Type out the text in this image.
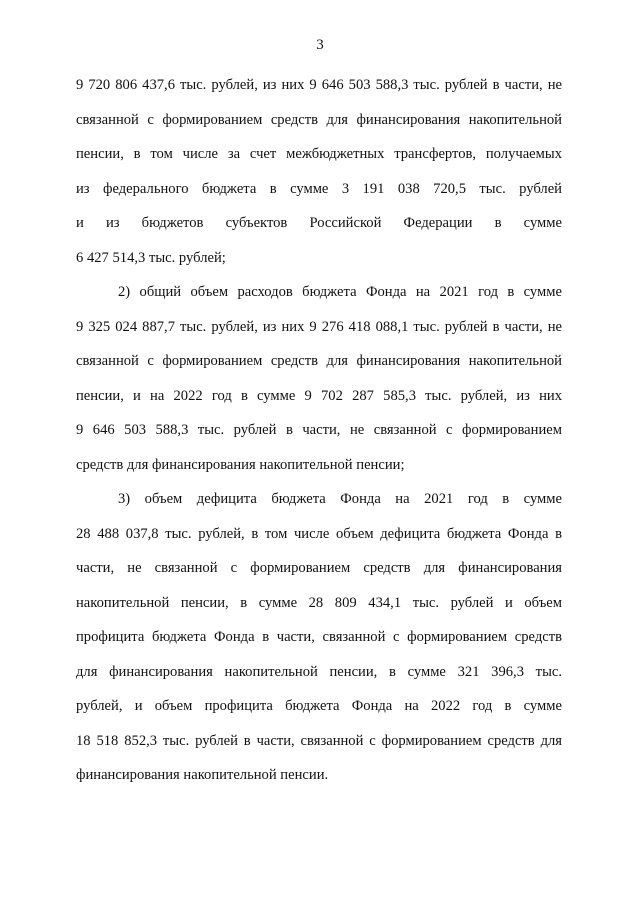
3
9 720 806 437,6 тыс. рублей, из них 9 646 503 588,3 тыс. рублей в части, не
связанной с формированием средств для финансирования накопительной
пенсии, в том числе за счет межбюджетных трансфертов, получаемых
из федерального бюджета в сумме 3 191 038 720,5 тыс. рублей
и из бюджетов субъектов Российской Федерации в сумме
6 427 514,3 тыс. рублей;
2) общий объем расходов бюджета Фонда на 2021 год в сумме
9 325 024 887,7 тыс. рублей, из них 9 276 418 088,1 тыс. рублей в части, не
связанной с формированием средств для финансирования накопительной
пенсии, и на 2022 год в сумме 9 702 287 585,3 тыс. рублей, из них
9 646 503 588,3 тыс. рублей в части, не связанной с формированием
средств для финансирования накопительной пенсии;
3) объем дефицита бюджета Фонда на 2021 год в сумме
28 488 037,8 тыс. рублей, в том числе объем дефицита бюджета Фонда в
части, не связанной с формированием средств для финансирования
накопительной пенсии, в сумме 28 809 434,1 тыс. рублей и объем
профицита бюджета Фонда в части, связанной с формированием средств
для финансирования накопительной пенсии, в сумме 321 396,3 тыс.
рублей, и объем профицита бюджета Фонда на 2022 год в сумме
18 518 852,3 тыс. рублей в части, связанной с формированием средств для
финансирования накопительной пенсии.
